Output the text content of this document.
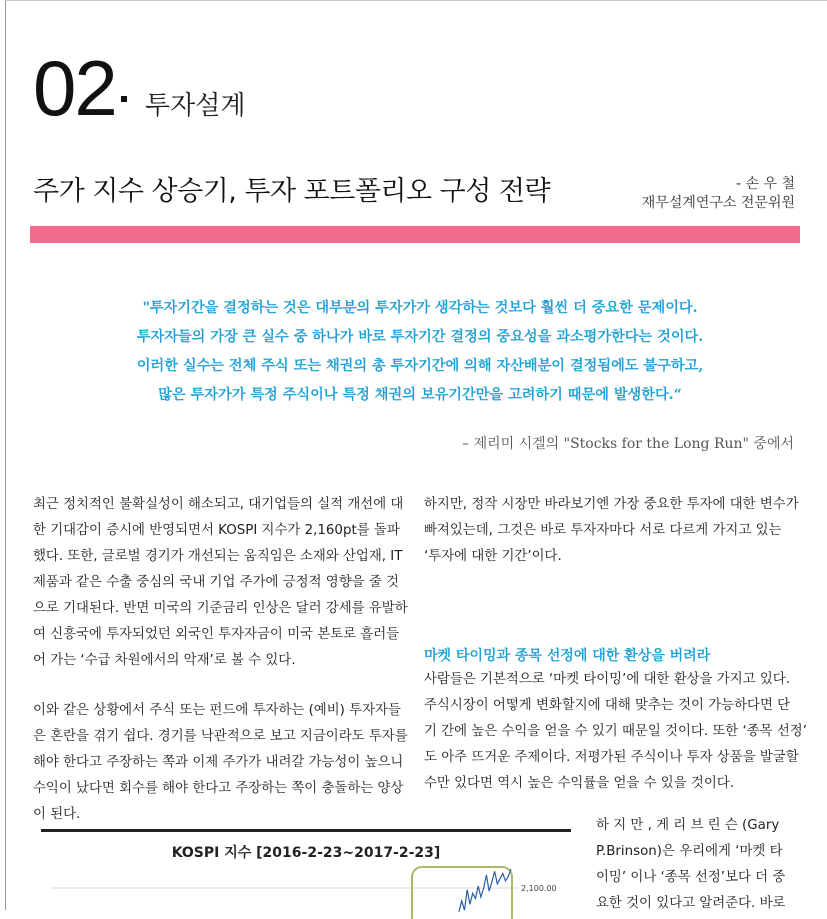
02 투자설계
주가 지수 상승기, 투자 포트폴리오 구성 전략	- 손 우 철
재무설계연구소 전문위원
"투자기간을 결정하는 것은 대부분의 투자가가 생각하는 것보다 훨씬 더 중요한 문제이다.
투자자들의 가장 큰 실수 중 하나가 바로 투자기간 결정의 중요성을 과소평가한다는 것이다.
이러한 실수는 전체 주식 또는 채권의 총 투자기간에 의해 자산배분이 결정됨에도 불구하고,
많은 투자가가 특정 주식이나 특정 채권의 보유기간만을 고려하기 때문에 발생한다.“
– 제리미 시겔의 "Stocks for the Long Run" 중에서
최근 정치적인 불확실성이 해소되고, 대기업들의 실적 개선에 대
한 기대감이 증시에 반영되면서 KOSPI 지수가 2,160pt를 돌파
했다. 또한, 글로벌 경기가 개선되는 움직임은 소재와 산업재, IT
제품과 같은 수출 중심의 국내 기업 주가에 긍정적 영향을 줄 것
으로 기대된다. 반면 미국의 기준금리 인상은 달러 강세를 유발하
여 신흥국에 투자되었던 외국인 투자자금이 미국 본토로 흘러들
어 가는 ‘수급 차원에서의 악재’로 볼 수 있다.
이와 같은 상황에서 주식 또는 펀드에 투자하는 (예비) 투자자들
은 혼란을 겪기 쉽다. 경기를 낙관적으로 보고 지금이라도 투자를
해야 한다고 주장하는 쪽과 이제 주가가 내려갈 가능성이 높으니
수익이 났다면 회수를 해야 한다고 주장하는 쪽이 충돌하는 양상
이 된다.
하지만, 정작 시장만 바라보기엔 가장 중요한 투자에 대한 변수가
빠져있는데, 그것은 바로 투자자마다 서로 다르게 가지고 있는
‘투자에 대한 기간’이다.
마켓 타이밍과 종목 선정에 대한 환상을 버려라
사람들은 기본적으로 ‘마켓 타이밍’에 대한 환상을 가지고 있다.
주식시장이 어떻게 변화할지에 대해 맞추는 것이 가능하다면 단
기 간에 높은 수익을 얻을 수 있기 때문일 것이다. 또한 ‘종목 선정’
도 아주 뜨거운 주제이다. 저평가된 주식이나 투자 상품을 발굴할
수만 있다면 역시 높은 수익률을 얻을 수 있을 것이다.
하 지 만 , 게 리 브 린 슨 (Gary
P.Brinson)은 우리에게 ‘마켓 타
이밍’ 이나 ‘종목 선정’보다 더 중
요한 것이 있다고 알려준다. 바로
KOSPI 지수 [2016-2-23~2017-2-23]
2,100.00
